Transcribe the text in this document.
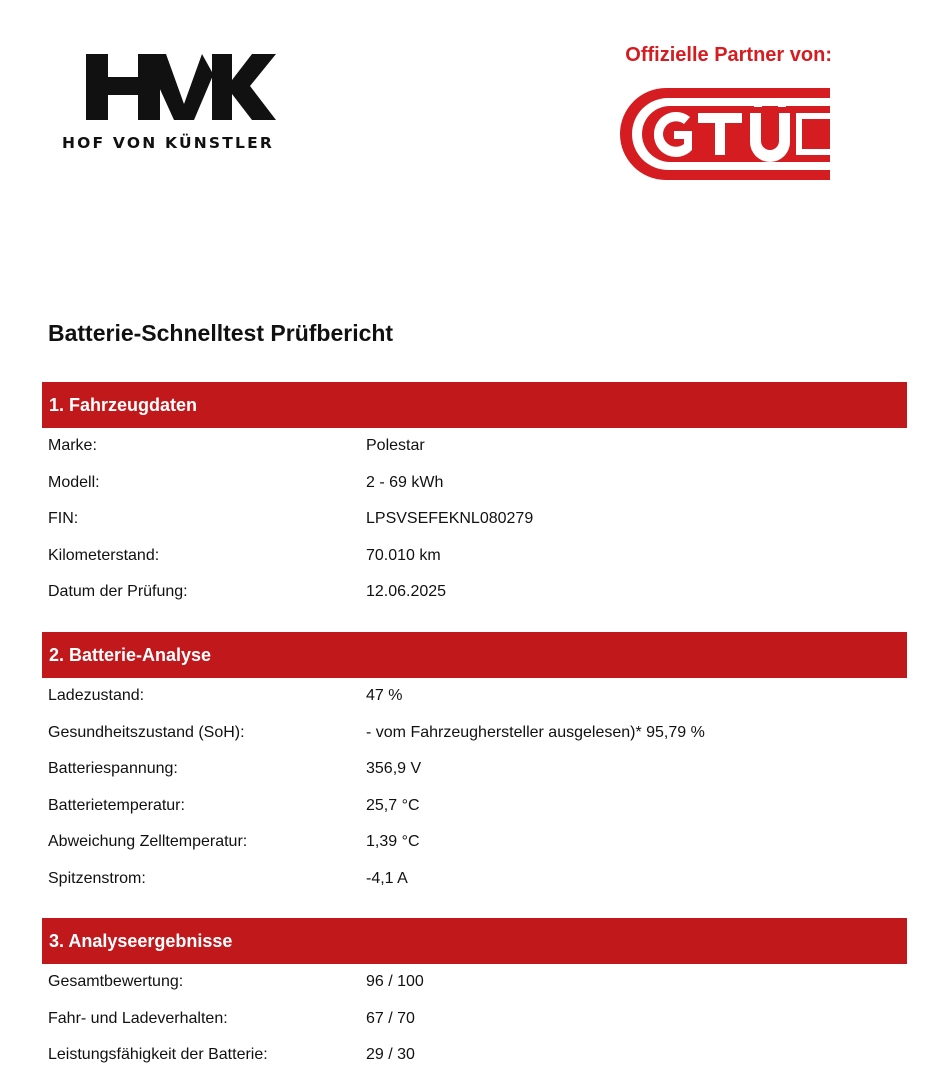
HOF VON KÜNSTLER
Offizielle Partner von:
Batterie-Schnelltest Prüfbericht
1. Fahrzeugdaten
Marke:	Polestar
Modell:	2 - 69 kWh
FIN:	LPSVSEFEKNL080279
Kilometerstand:	70.010 km
Datum der Prüfung:	12.06.2025
2. Batterie-Analyse
Ladezustand:	47 %
Gesundheitszustand (SoH):	- vom Fahrzeughersteller ausgelesen)* 95,79 %
Batteriespannung:	356,9 V
Batterietemperatur:	25,7 °C
Abweichung Zelltemperatur:	1,39 °C
Spitzenstrom:	-4,1 A
3. Analyseergebnisse
Gesamtbewertung:	96 / 100
Fahr- und Ladeverhalten:	67 / 70
Leistungsfähigkeit der Batterie:	29 / 30
